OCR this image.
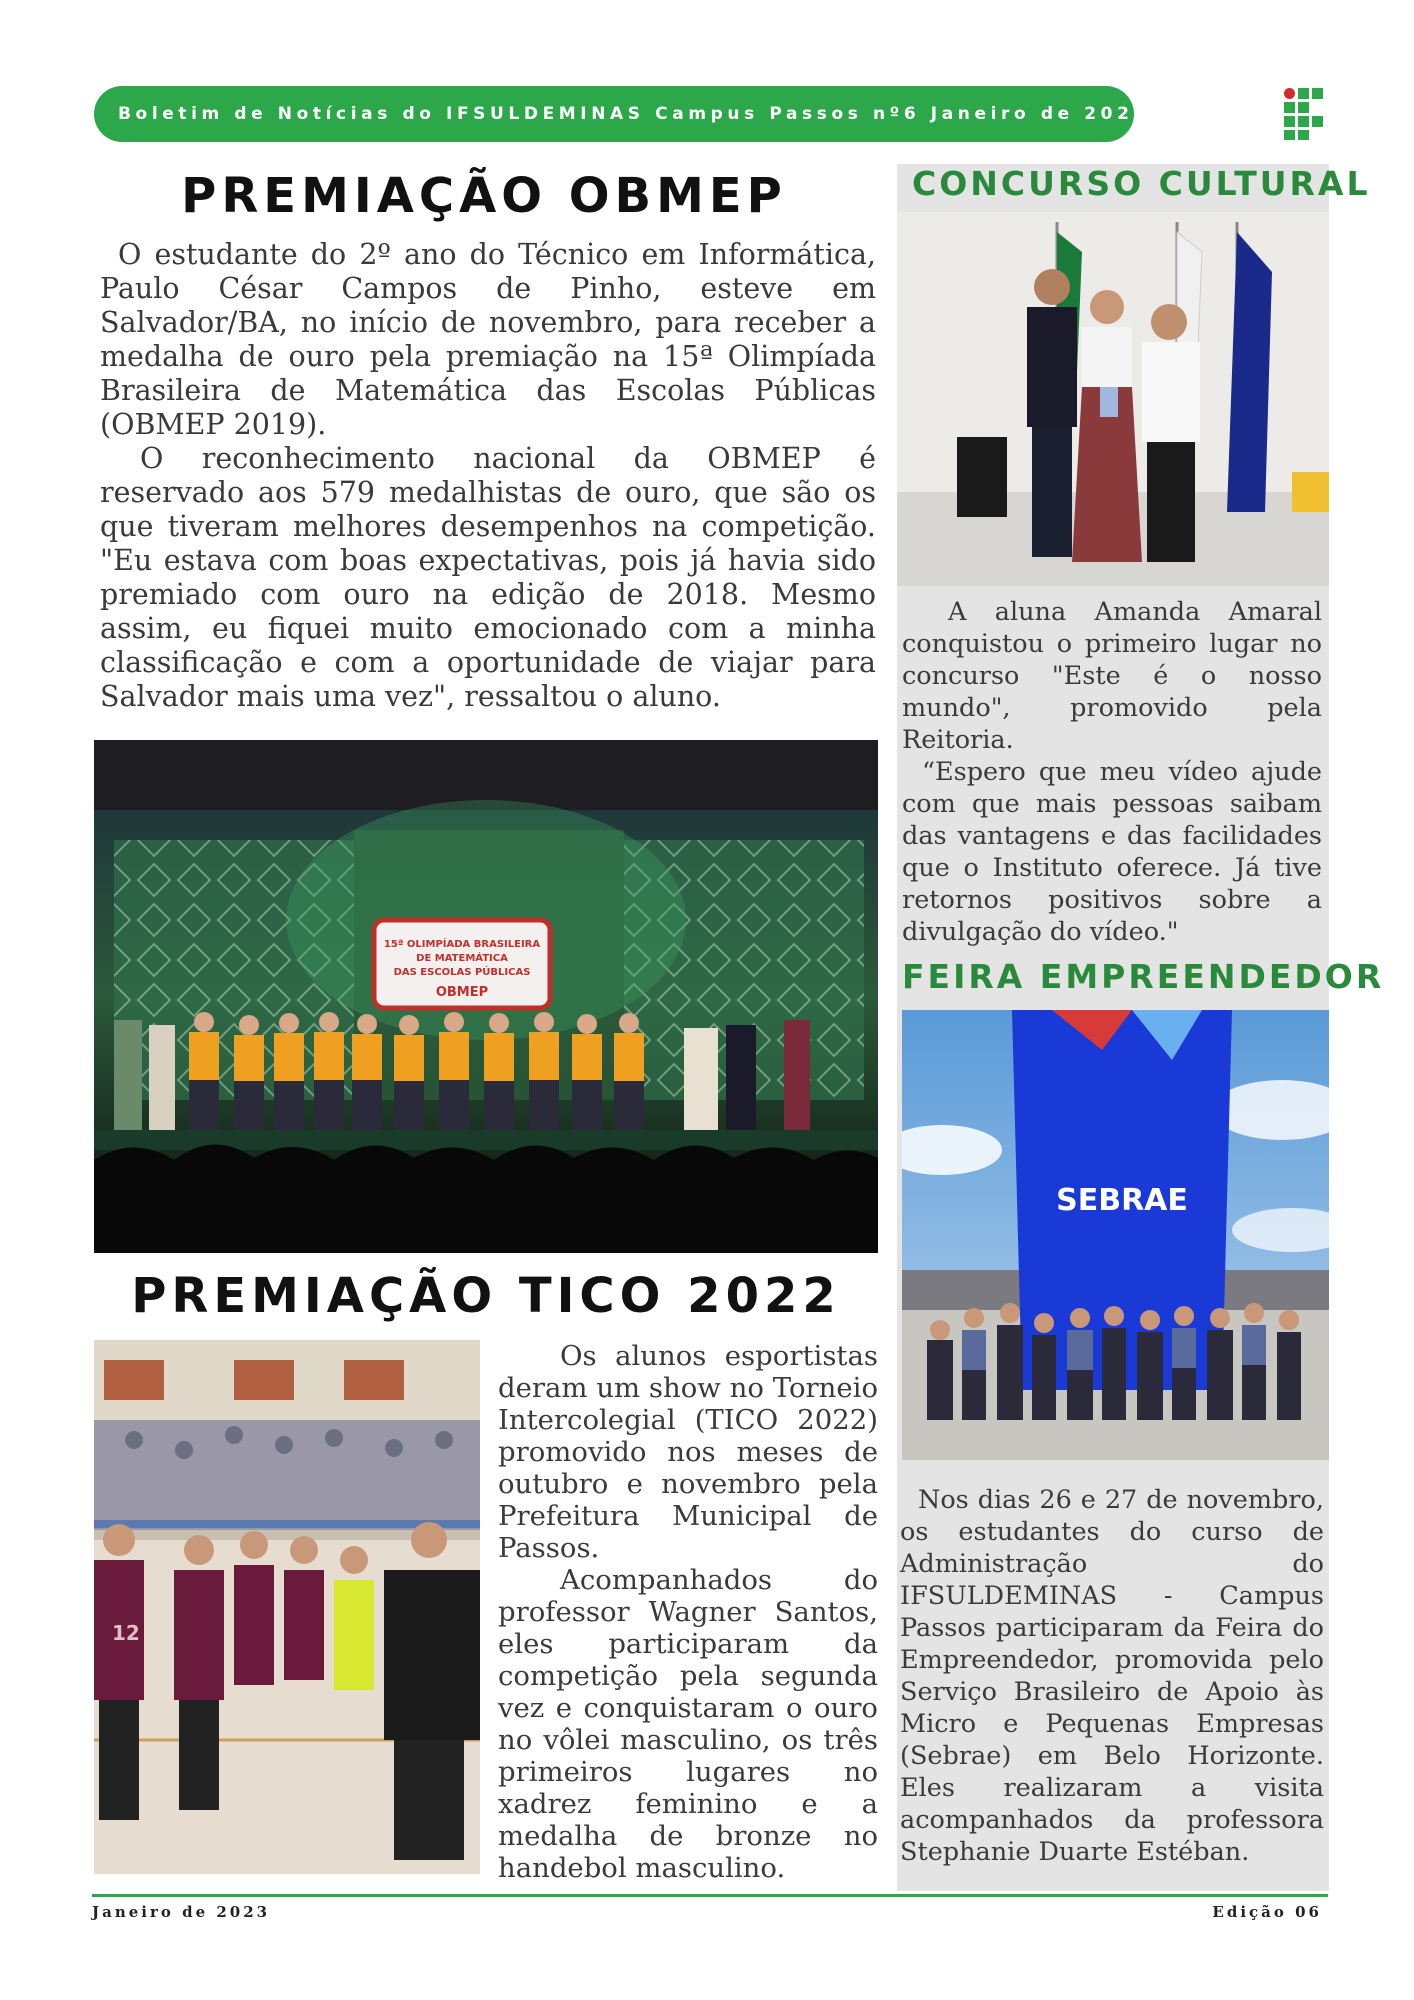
Boletim de Notícias do IFSULDEMINAS Campus Passos nº6 Janeiro de 2023
PREMIAÇÃO OBMEP

O estudante do 2º ano do Técnico em Informática, Paulo César Campos de Pinho, esteve em Salvador/BA, no início de novembro, para receber a medalha de ouro pela premiação na 15ª Olimpíada Brasileira de Matemática das Escolas Públicas (OBMEP 2019).

O reconhecimento nacional da OBMEP é reservado aos 579 medalhistas de ouro, que são os que tiveram melhores desempenhos na competição. "Eu estava com boas expectativas, pois já havia sido premiado com ouro na edição de 2018. Mesmo assim, eu fiquei muito emocionado com a minha classificação e com a oportunidade de viajar para Salvador mais uma vez", ressaltou o aluno.

15ª OLIMPÍADA BRASILEIRA
DE MATEMÁTICA
DAS ESCOLAS PÚBLICAS
OBMEP
PREMIAÇÃO TICO 2022
12

Os alunos esportistas deram um show no Torneio Intercolegial (TICO 2022) promovido nos meses de outubro e novembro pela Prefeitura Municipal de Passos.

Acompanhados do professor Wagner Santos, eles participaram da competição pela segunda vez e conquistaram o ouro no vôlei masculino, os três primeiros lugares no xadrez feminino e a medalha de bronze no handebol masculino.

CONCURSO CULTURAL

A aluna Amanda Amaral conquistou o primeiro lugar no concurso "Este é o nosso mundo", promovido pela Reitoria.

“Espero que meu vídeo ajude com que mais pessoas saibam das vantagens e das facilidades que o Instituto oferece. Já tive retornos positivos sobre a divulgação do vídeo."

FEIRA EMPREENDEDOR
SEBRAE

Nos dias 26 e 27 de novembro, os estudantes do curso de Administração do IFSULDEMINAS - Campus Passos participaram da Feira do Empreendedor, promovida pelo Serviço Brasileiro de Apoio às Micro e Pequenas Empresas (Sebrae) em Belo Horizonte. Eles realizaram a visita acompanhados da professora Stephanie Duarte Estéban.

Janeiro de 2023	Edição 06
